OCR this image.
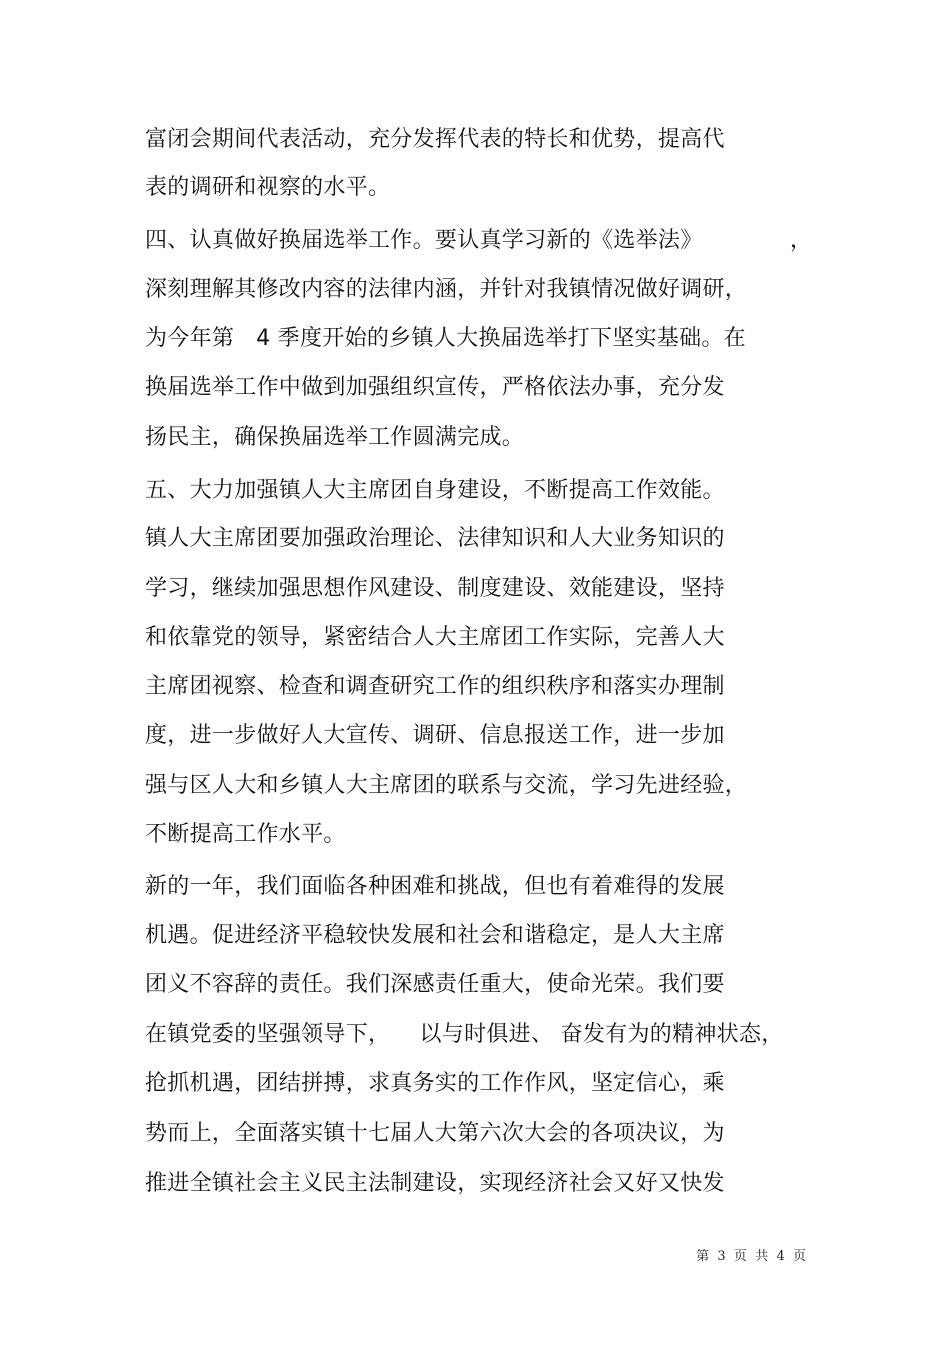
富闭会期间代表活动，充分发挥代表的特长和优势，提高代
表的调研和视察的水平。
四、认真做好换届选举工作。要认真学习新的《选举法》            ，
深刻理解其修改内容的法律内涵，并针对我镇情况做好调研，
为今年第   4 季度开始的乡镇人大换届选举打下坚实基础。在
换届选举工作中做到加强组织宣传，严格依法办事，充分发
扬民主，确保换届选举工作圆满完成。
五、大力加强镇人大主席团自身建设，不断提高工作效能。
镇人大主席团要加强政治理论、法律知识和人大业务知识的
学习，继续加强思想作风建设、制度建设、效能建设，坚持
和依靠党的领导，紧密结合人大主席团工作实际，完善人大
主席团视察、检查和调查研究工作的组织秩序和落实办理制
度，进一步做好人大宣传、调研、信息报送工作，进一步加
强与区人大和乡镇人大主席团的联系与交流，学习先进经验，
不断提高工作水平。
新的一年，我们面临各种困难和挑战，但也有着难得的发展
机遇。促进经济平稳较快发展和社会和谐稳定，是人大主席
团义不容辞的责任。我们深感责任重大，使命光荣。我们要
在镇党委的坚强领导下，    以与时俱进、 奋发有为的精神状态，
抢抓机遇，团结拼搏，求真务实的工作作风，坚定信心，乘
势而上，全面落实镇十七届人大第六次大会的各项决议，为
推进全镇社会主义民主法制建设，实现经济社会又好又快发
第  3  页  共  4  页
